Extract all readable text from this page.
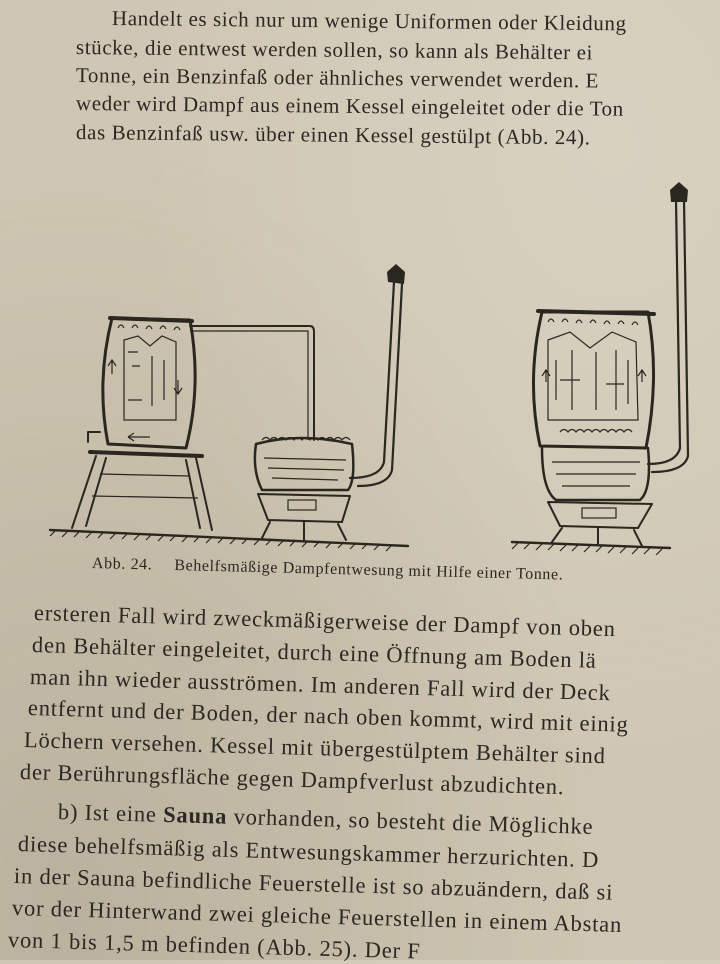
Handelt es sich nur um wenige Uniformen oder Kleidung
stücke, die entwest werden sollen, so kann als Behälter ei
Tonne, ein Benzinfaß oder ähnliches verwendet werden. E
weder wird Dampf aus einem Kessel eingeleitet oder die Ton
das Benzinfaß usw. über einen Kessel gestülpt (Abb. 24).
Abb. 24. Behelfsmäßige Dampfentwesung mit Hilfe einer Tonne.
ersteren Fall wird zweckmäßigerweise der Dampf von oben
den Behälter eingeleitet, durch eine Öffnung am Boden lä
man ihn wieder ausströmen. Im anderen Fall wird der Deck
entfernt und der Boden, der nach oben kommt, wird mit einig
Löchern versehen. Kessel mit übergestülptem Behälter sind
der Berührungsfläche gegen Dampfverlust abzudichten.
b) Ist eine Sauna vorhanden, so besteht die Möglichke
diese behelfsmäßig als Entwesungskammer herzurichten. D
in der Sauna befindliche Feuerstelle ist so abzuändern, daß si
vor der Hinterwand zwei gleiche Feuerstellen in einem Abstan
von 1 bis 1,5 m befinden (Abb. 25). Der F
